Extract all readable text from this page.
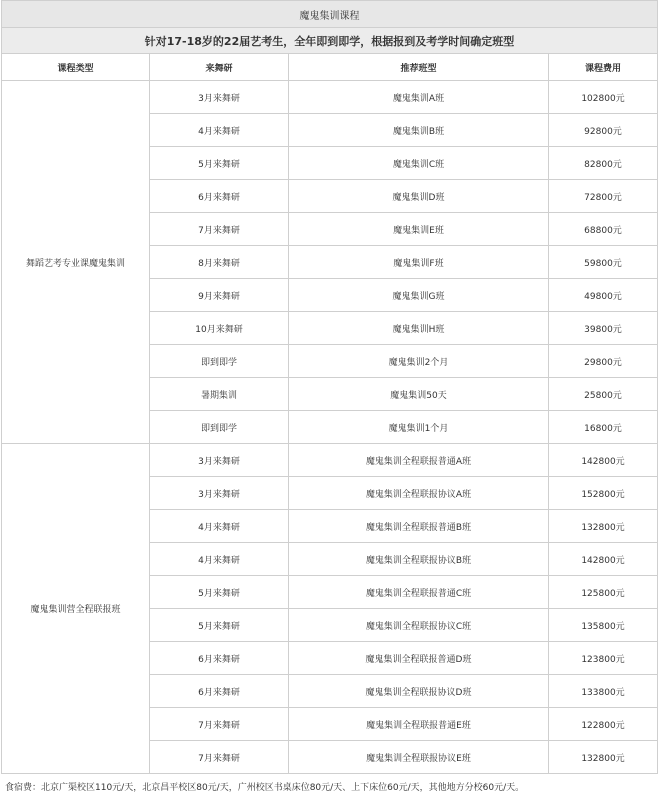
魔鬼集训课程			
针对17-18岁的22届艺考生，全年即到即学，根据报到及考学时间确定班型			
课程类型	来舞研	推荐班型	课程费用
舞蹈艺考专业课魔鬼集训	3月来舞研	魔鬼集训A班	102800元
	4月来舞研	魔鬼集训B班	92800元
	5月来舞研	魔鬼集训C班	82800元
	6月来舞研	魔鬼集训D班	72800元
	7月来舞研	魔鬼集训E班	68800元
	8月来舞研	魔鬼集训F班	59800元
	9月来舞研	魔鬼集训G班	49800元
	10月来舞研	魔鬼集训H班	39800元
	即到即学	魔鬼集训2个月	29800元
	暑期集训	魔鬼集训50天	25800元
	即到即学	魔鬼集训1个月	16800元
魔鬼集训营全程联报班	3月来舞研	魔鬼集训全程联报普通A班	142800元
	3月来舞研	魔鬼集训全程联报协议A班	152800元
	4月来舞研	魔鬼集训全程联报普通B班	132800元
	4月来舞研	魔鬼集训全程联报协议B班	142800元
	5月来舞研	魔鬼集训全程联报普通C班	125800元
	5月来舞研	魔鬼集训全程联报协议C班	135800元
	6月来舞研	魔鬼集训全程联报普通D班	123800元
	6月来舞研	魔鬼集训全程联报协议D班	133800元
	7月来舞研	魔鬼集训全程联报普通E班	122800元
	7月来舞研	魔鬼集训全程联报协议E班	132800元
食宿费：北京广渠校区110元/天，北京昌平校区80元/天，广州校区书桌床位80元/天、上下床位60元/天，其他地方分校60元/天。
